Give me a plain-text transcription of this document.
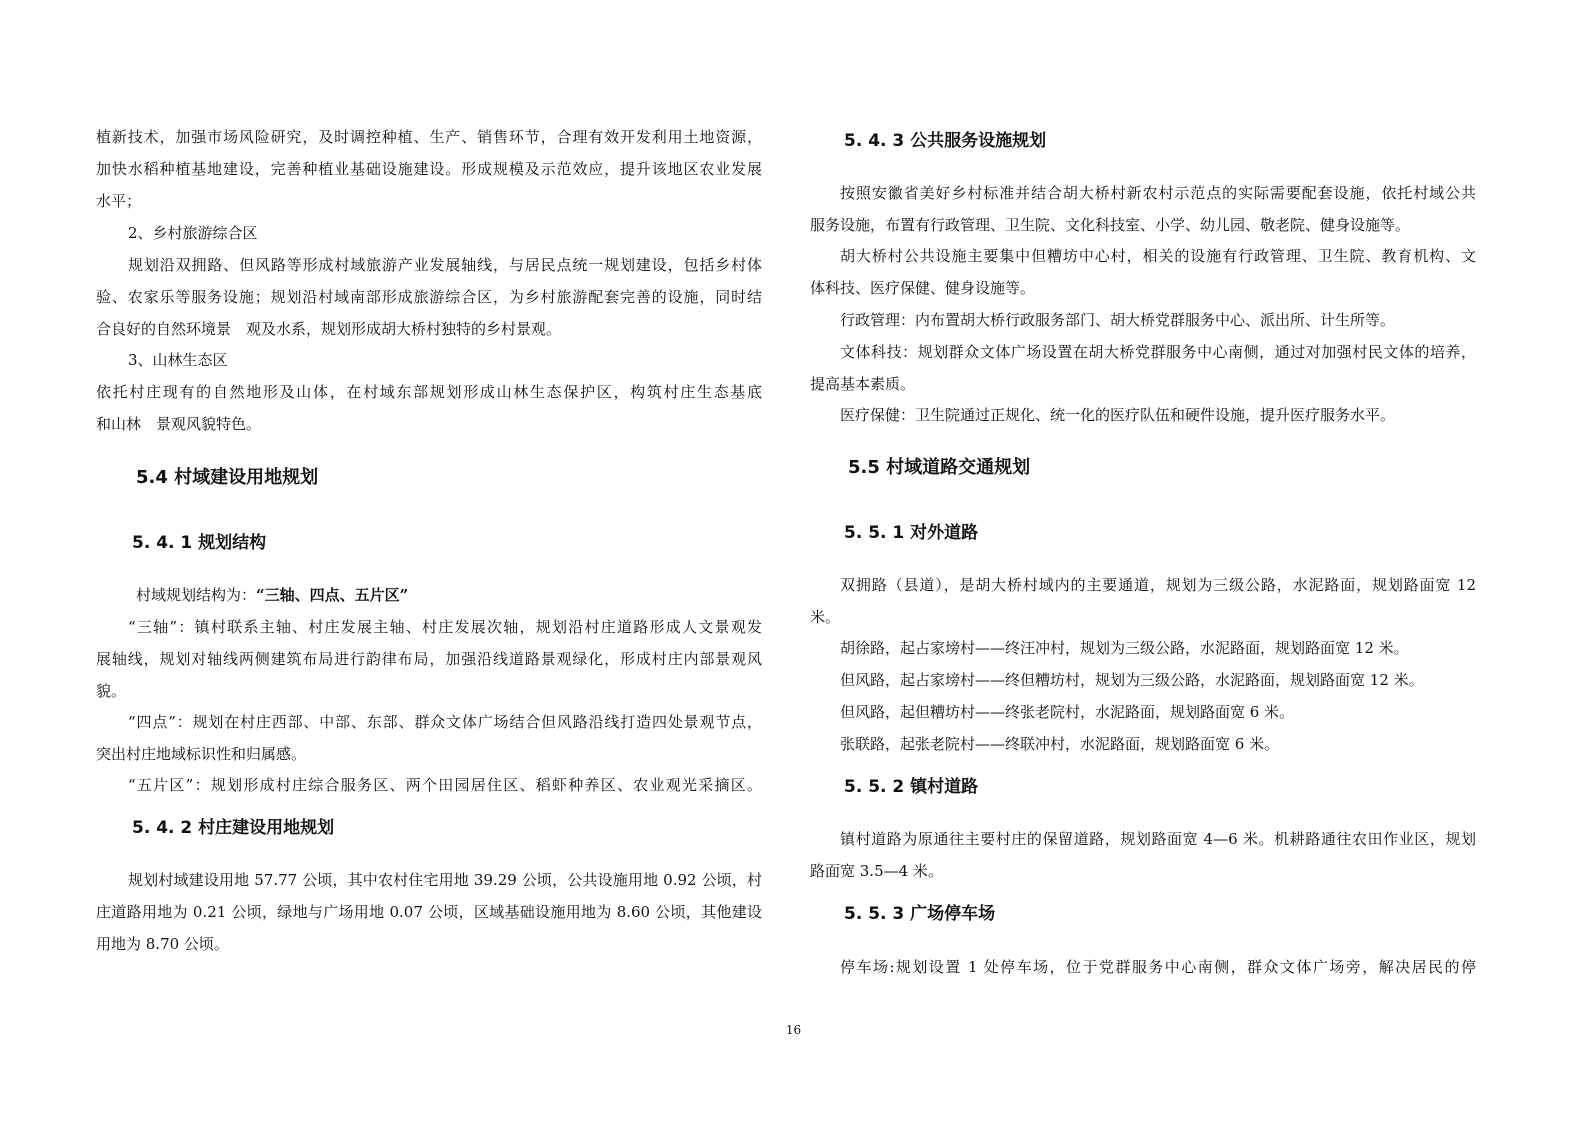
植新技术，加强市场风险研究，及时调控种植、生产、销售环节，合理有效开发利用土地资源，
加快水稻种植基地建设，完善种植业基础设施建设。形成规模及示范效应，提升该地区农业发展
水平；
2、乡村旅游综合区
规划沿双拥路、但风路等形成村域旅游产业发展轴线，与居民点统一规划建设，包括乡村体
验、农家乐等服务设施；规划沿村域南部形成旅游综合区，为乡村旅游配套完善的设施，同时结
合良好的自然环境景　观及水系，规划形成胡大桥村独特的乡村景观。
3、山林生态区
依托村庄现有的自然地形及山体，在村域东部规划形成山林生态保护区，构筑村庄生态基底
和山林　景观风貌特色。
5.4 村域建设用地规划
5. 4. 1 规划结构
村域规划结构为：“三轴、四点、五片区”
“三轴”：镇村联系主轴、村庄发展主轴、村庄发展次轴，规划沿村庄道路形成人文景观发
展轴线，规划对轴线两侧建筑布局进行韵律布局，加强沿线道路景观绿化，形成村庄内部景观风
貌。
“四点”：规划在村庄西部、中部、东部、群众文体广场结合但风路沿线打造四处景观节点，
突出村庄地域标识性和归属感。
“五片区”：规划形成村庄综合服务区、两个田园居住区、稻虾种养区、农业观光采摘区。
5. 4. 2 村庄建设用地规划
规划村域建设用地 57.77 公顷，其中农村住宅用地 39.29 公顷，公共设施用地 0.92 公顷，村
庄道路用地为 0.21 公顷，绿地与广场用地 0.07 公顷，区域基础设施用地为 8.60 公顷，其他建设
用地为 8.70 公顷。
5. 4. 3 公共服务设施规划
按照安徽省美好乡村标准并结合胡大桥村新农村示范点的实际需要配套设施，依托村域公共
服务设施，布置有行政管理、卫生院、文化科技室、小学、幼儿园、敬老院、健身设施等。
胡大桥村公共设施主要集中但糟坊中心村，相关的设施有行政管理、卫生院、教育机构、文
体科技、医疗保健、健身设施等。
行政管理：内布置胡大桥行政服务部门、胡大桥党群服务中心、派出所、计生所等。
文体科技：规划群众文体广场设置在胡大桥党群服务中心南侧，通过对加强村民文体的培养，
提高基本素质。
医疗保健：卫生院通过正规化、统一化的医疗队伍和硬件设施，提升医疗服务水平。
5.5 村域道路交通规划
5. 5. 1 对外道路
双拥路（县道），是胡大桥村域内的主要通道，规划为三级公路，水泥路面，规划路面宽 12
米。
胡徐路，起占家塝村——终汪冲村，规划为三级公路，水泥路面，规划路面宽 12 米。
但风路，起占家塝村——终但糟坊村，规划为三级公路，水泥路面，规划路面宽 12 米。
但风路，起但糟坊村——终张老院村，水泥路面，规划路面宽 6 米。
张联路，起张老院村——终联冲村，水泥路面，规划路面宽 6 米。
5. 5. 2 镇村道路
镇村道路为原通往主要村庄的保留道路，规划路面宽 4—6 米。机耕路通往农田作业区，规划
路面宽 3.5—4 米。
5. 5. 3 广场停车场
停车场:规划设置 1 处停车场，位于党群服务中心南侧，群众文体广场旁，解决居民的停
16
